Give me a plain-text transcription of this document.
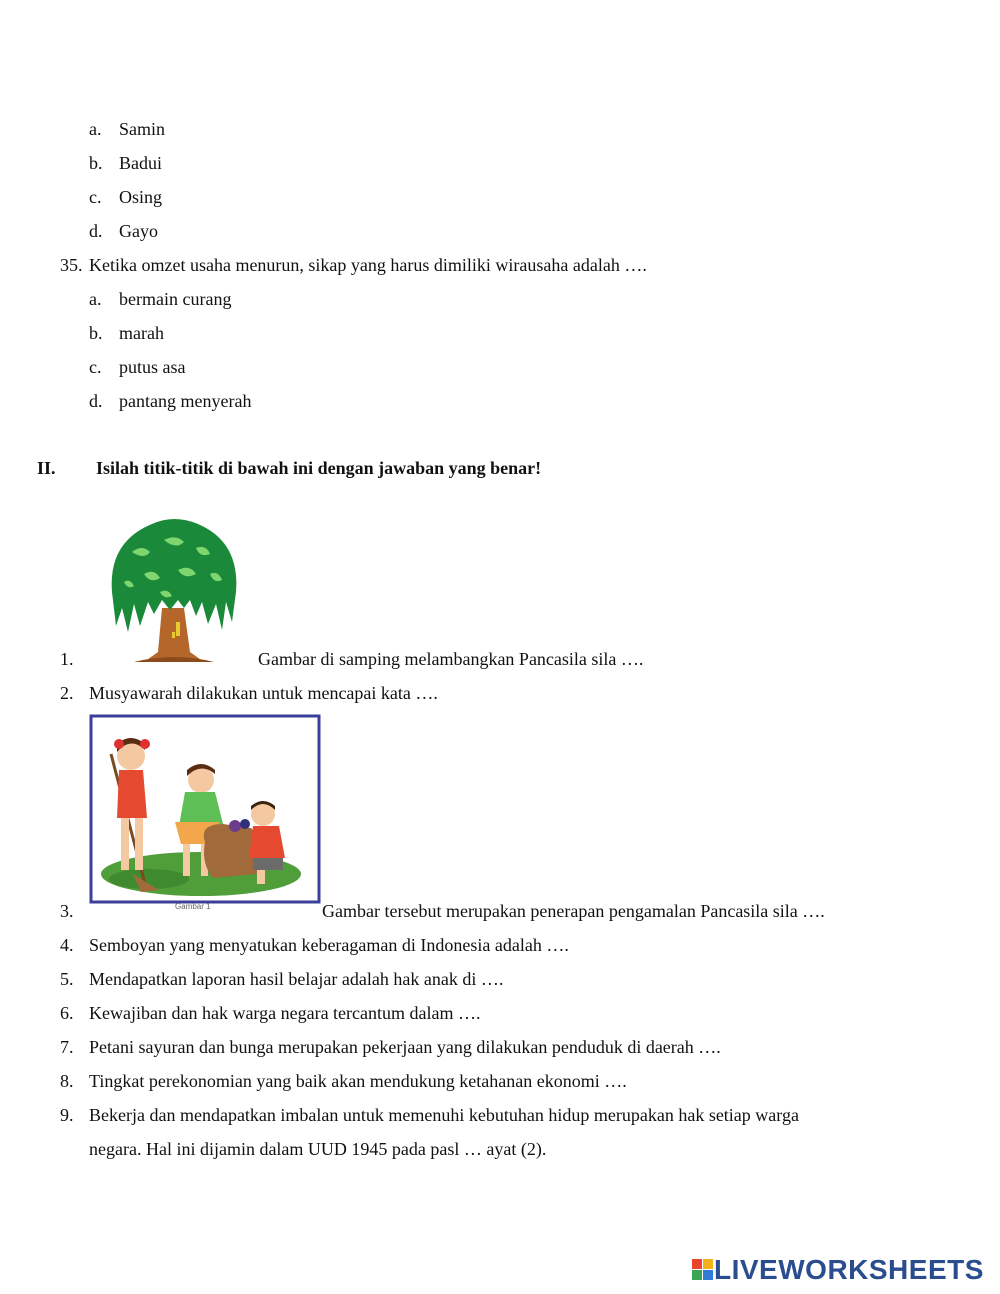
a. Samin
b. Badui
c. Osing
d. Gayo
35. Ketika omzet usaha menurun, sikap yang harus dimiliki wirausaha adalah ….
a. bermain curang
b. marah
c. putus asa
d. pantang menyerah
II. Isilah titik-titik di bawah ini dengan jawaban yang benar!
1.	Gambar di samping melambangkan Pancasila sila ….
2. Musyawarah dilakukan untuk mencapai kata ….
3.	Gambar 1	Gambar tersebut merupakan penerapan pengamalan Pancasila sila ….
4. Semboyan yang menyatukan keberagaman di Indonesia adalah ….
5. Mendapatkan laporan hasil belajar adalah hak anak di ….
6. Kewajiban dan hak warga negara tercantum dalam ….
7. Petani sayuran dan bunga merupakan pekerjaan yang dilakukan penduduk di daerah ….
8. Tingkat perekonomian yang baik akan mendukung ketahanan ekonomi ….
9. Bekerja dan mendapatkan imbalan untuk memenuhi kebutuhan hidup merupakan hak setiap warga
negara. Hal ini dijamin dalam UUD 1945 pada pasl … ayat (2).
LIVEWORKSHEETS
